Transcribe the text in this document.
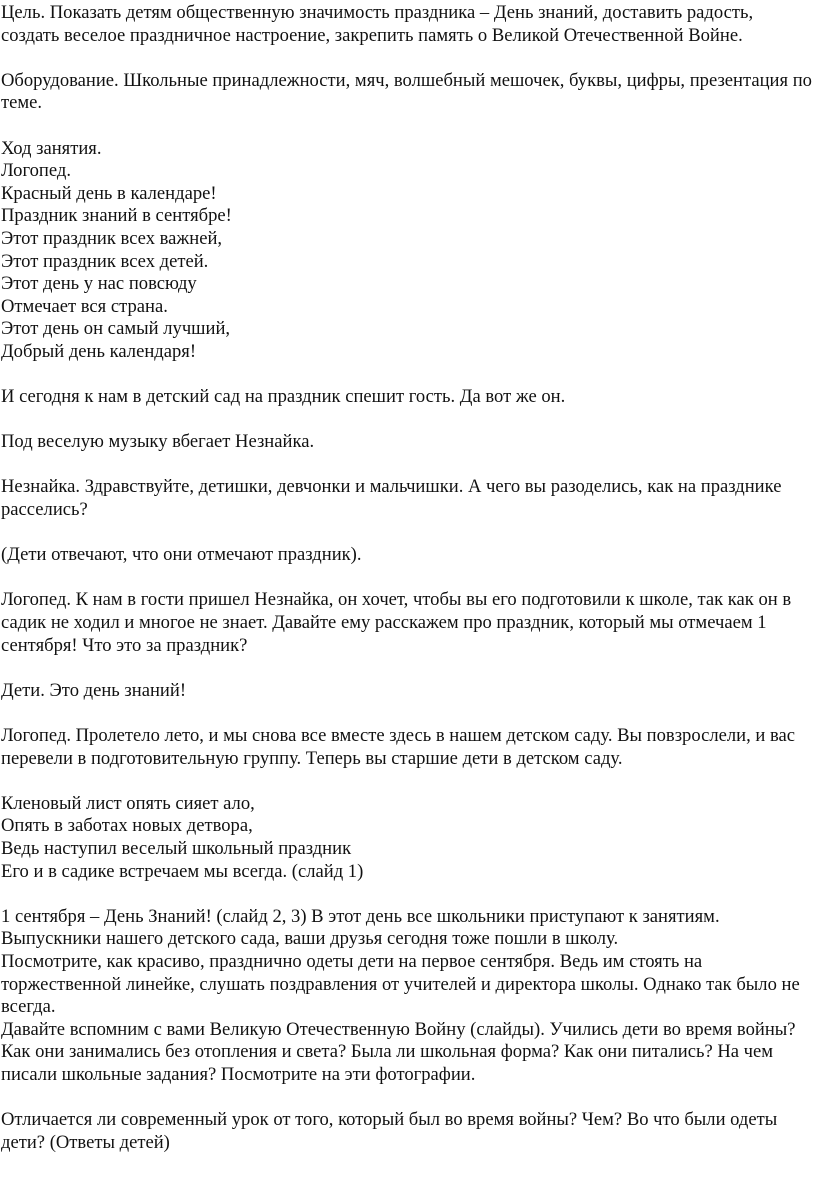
Цель. Показать детям общественную значимость праздника – День знаний, доставить радость, создать веселое праздничное настроение, закрепить память о Великой Отечественной Войне.

Оборудование. Школьные принадлежности, мяч, волшебный мешочек, буквы, цифры, презентация по теме.

Ход занятия.
Логопед.
Красный день в календаре!
Праздник знаний в сентябре!
Этот праздник всех важней,
Этот праздник всех детей.
Этот день у нас повсюду
Отмечает вся страна.
Этот день он самый лучший,
Добрый день календаря!

И сегодня к нам в детский сад на праздник спешит гость. Да вот же он.

Под веселую музыку вбегает Незнайка.

Незнайка. Здравствуйте, детишки, девчонки и мальчишки. А чего вы разоделись, как на празднике расселись?

(Дети отвечают, что они отмечают праздник).

Логопед. К нам в гости пришел Незнайка, он хочет, чтобы вы его подготовили к школе, так как он в садик не ходил и многое не знает. Давайте ему расскажем про праздник, который мы отмечаем 1 сентября! Что это за праздник?

Дети. Это день знаний!

Логопед. Пролетело лето, и мы снова все вместе здесь в нашем детском саду. Вы повзрослели, и вас перевели в подготовительную группу. Теперь вы старшие дети в детском саду.

Кленовый лист опять сияет ало,
Опять в заботах новых детвора,
Ведь наступил веселый школьный праздник
Его и в садике встречаем мы всегда. (слайд 1)

1 сентября – День Знаний! (слайд 2, 3) В этот день все школьники приступают к занятиям. Выпускники нашего детского сада, ваши друзья сегодня тоже пошли в школу.
Посмотрите, как красиво, празднично одеты дети на первое сентября. Ведь им стоять на торжественной линейке, слушать поздравления от учителей и директора школы. Однако так было не всегда.
Давайте вспомним с вами Великую Отечественную Войну (слайды). Учились дети во время войны? Как они занимались без отопления и света? Была ли школьная форма? Как они питались? На чем писали школьные задания? Посмотрите на эти фотографии.

Отличается ли современный урок от того, который был во время войны? Чем? Во что были одеты дети? (Ответы детей)
